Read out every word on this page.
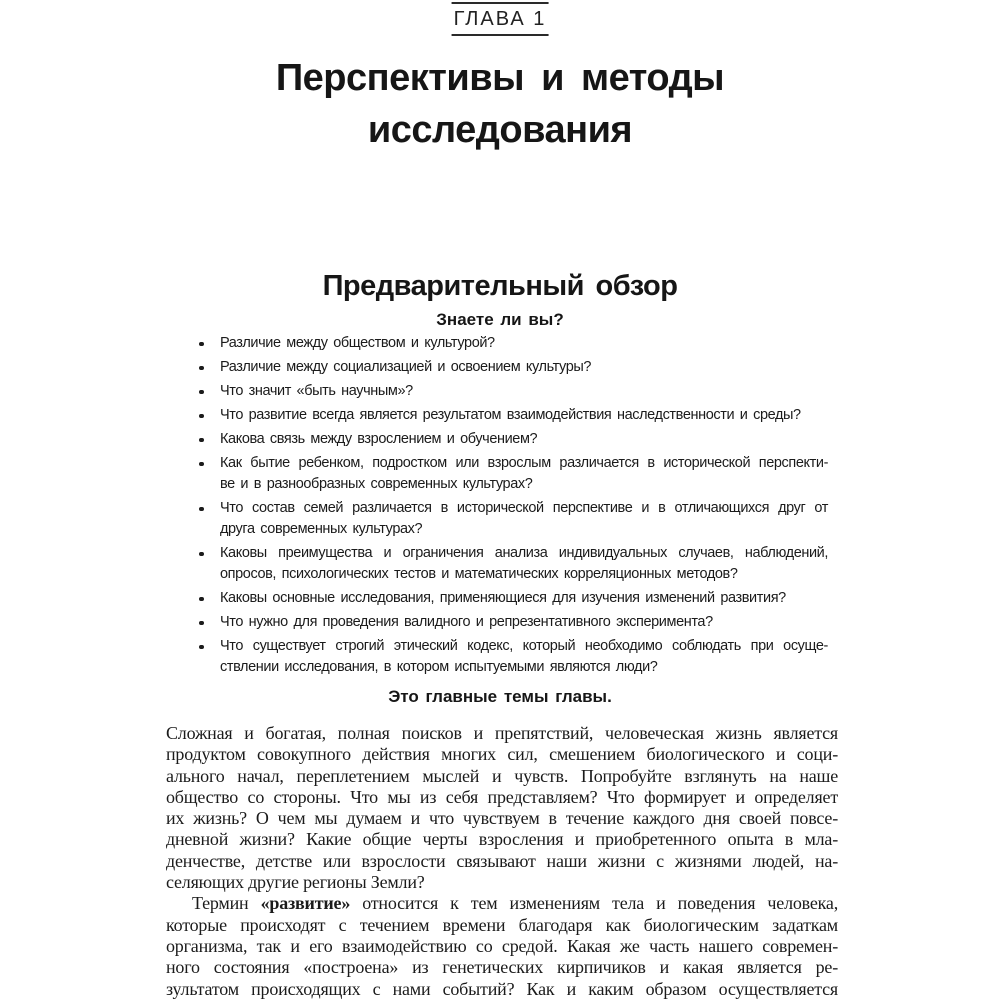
ГЛАВА 1
Перспективы и методы
исследования
Предварительный обзор
Знаете ли вы?
Различие между обществом и культурой?
Различие между социализацией и освоением культуры?
Что значит «быть научным»?
Что развитие всегда является результатом взаимодействия наследственности и среды?
Какова связь между взрослением и обучением?
Как бытие ребенком, подростком или взрослым различается в исторической перспекти-
ве и в разнообразных современных культурах?
Что состав семей различается в исторической перспективе и в отличающихся друг от
друга современных культурах?
Каковы преимущества и ограничения анализа индивидуальных случаев, наблюдений,
опросов, психологических тестов и математических корреляционных методов?
Каковы основные исследования, применяющиеся для изучения изменений развития?
Что нужно для проведения валидного и репрезентативного эксперимента?
Что существует строгий этический кодекс, который необходимо соблюдать при осуще-
ствлении исследования, в котором испытуемыми являются люди?
Это главные темы главы.

Сложная и богатая, полная поисков и препятствий, человеческая жизнь является
продуктом совокупного действия многих сил, смешением биологического и соци-
ального начал, переплетением мыслей и чувств. Попробуйте взглянуть на наше
общество со стороны. Что мы из себя представляем? Что формирует и определяет
их жизнь? О чем мы думаем и что чувствуем в течение каждого дня своей повсе-
дневной жизни? Какие общие черты взросления и приобретенного опыта в мла-
денчестве, детстве или взрослости связывают наши жизни с жизнями людей, на-
селяющих другие регионы Земли?

Термин «развитие» относится к тем изменениям тела и поведения человека,
которые происходят с течением времени благодаря как биологическим задаткам
организма, так и его взаимодействию со средой. Какая же часть нашего современ-
ного состояния «построена» из генетических кирпичиков и какая является ре-
зультатом происходящих с нами событий? Как и каким образом осуществляется
